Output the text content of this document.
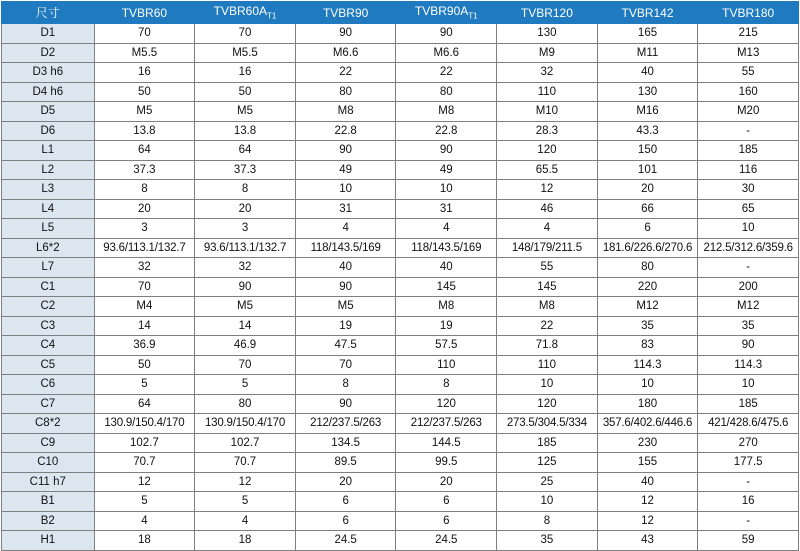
尺寸	TVBR60	$TVBR60A_{T1}$	TVBR90	$TVBR90A_{T1}$	TVBR120	TVBR142	TVBR180
D1	70	70	90	90	130	165	215
D2	M5.5	M5.5	M6.6	M6.6	M9	M11	M13
D3 h6	16	16	22	22	32	40	55
D4 h6	50	50	80	80	110	130	160
D5	M5	M5	M8	M8	M10	M16	M20
D6	13.8	13.8	22.8	22.8	28.3	43.3	-
L1	64	64	90	90	120	150	185
L2	37.3	37.3	49	49	65.5	101	116
L3	8	8	10	10	12	20	30
L4	20	20	31	31	46	66	65
L5	3	3	4	4	4	6	10
L6*2	93.6/113.1/132.7	93.6/113.1/132.7	118/143.5/169	118/143.5/169	148/179/211.5	181.6/226.6/270.6	212.5/312.6/359.6
L7	32	32	40	40	55	80	-
C1	70	90	90	145	145	220	200
C2	M4	M5	M5	M8	M8	M12	M12
C3	14	14	19	19	22	35	35
C4	36.9	46.9	47.5	57.5	71.8	83	90
C5	50	70	70	110	110	114.3	114.3
C6	5	5	8	8	10	10	10
C7	64	80	90	120	120	180	185
C8*2	130.9/150.4/170	130.9/150.4/170	212/237.5/263	212/237.5/263	273.5/304.5/334	357.6/402.6/446.6	421/428.6/475.6
C9	102.7	102.7	134.5	144.5	185	230	270
C10	70.7	70.7	89.5	99.5	125	155	177.5
C11 h7	12	12	20	20	25	40	-
B1	5	5	6	6	10	12	16
B2	4	4	6	6	8	12	-
H1	18	18	24.5	24.5	35	43	59
